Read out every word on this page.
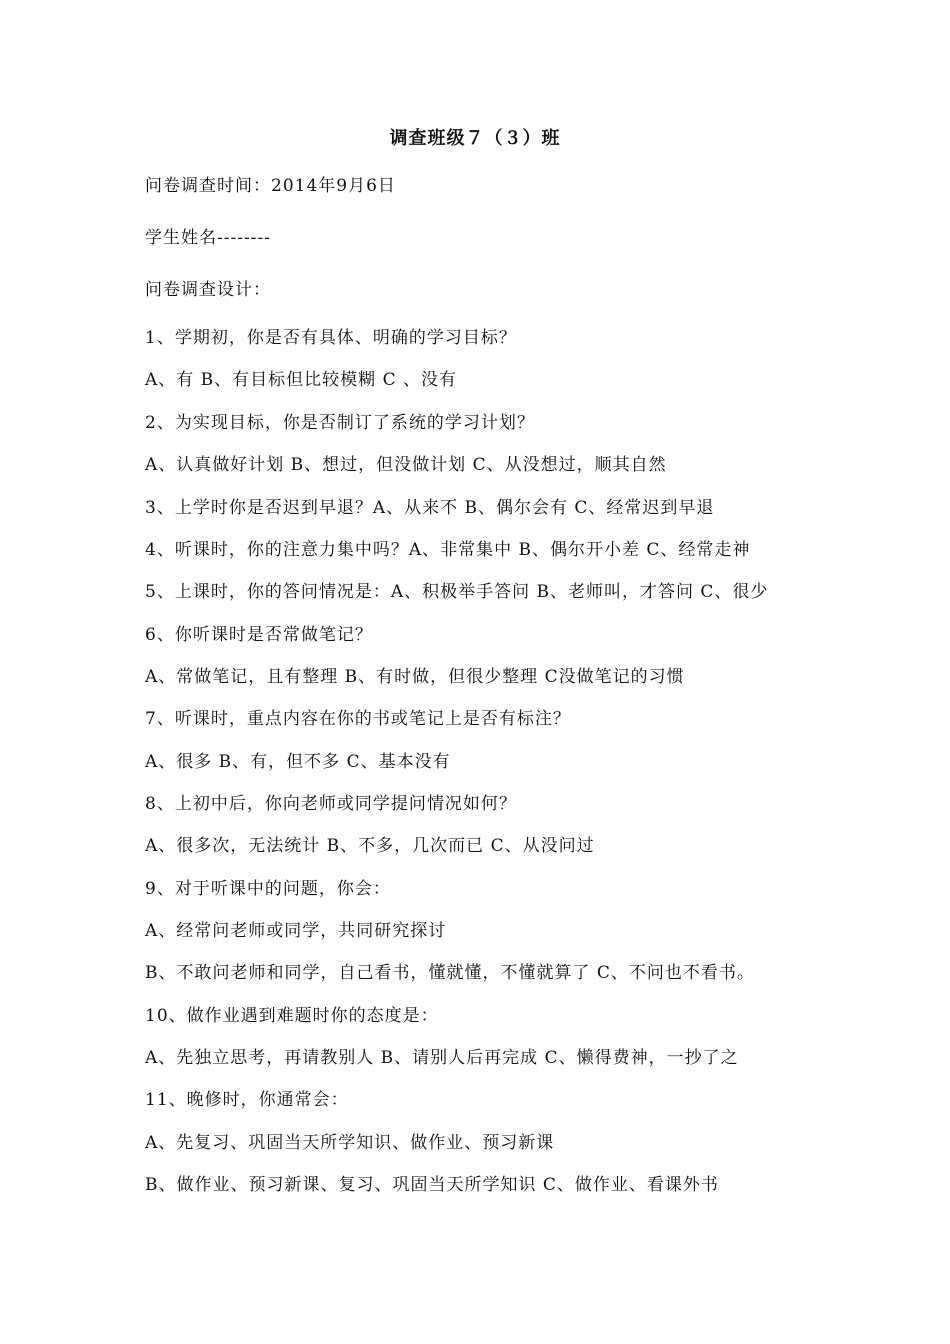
调查班级７（３）班
问卷调查时间：2014年9月6日
学生姓名--------
问卷调查设计：
1、学期初，你是否有具体、明确的学习目标？
A、有 B、有目标但比较模糊 C 、没有
2、为实现目标，你是否制订了系统的学习计划？
A、认真做好计划 B、想过，但没做计划 C、从没想过，顺其自然
3、上学时你是否迟到早退？A、从来不 B、偶尔会有 C、经常迟到早退
4、听课时，你的注意力集中吗？A、非常集中 B、偶尔开小差 C、经常走神
5、上课时，你的答问情况是：A、积极举手答问 B、老师叫，才答问 C、很少
6、你听课时是否常做笔记？
A、常做笔记，且有整理 B、有时做，但很少整理 C没做笔记的习惯
7、听课时，重点内容在你的书或笔记上是否有标注？
A、很多 B、有，但不多 C、基本没有
8、上初中后，你向老师或同学提问情况如何？
A、很多次，无法统计 B、不多，几次而已 C、从没问过
9、对于听课中的问题，你会：
A、经常问老师或同学，共同研究探讨
B、不敢问老师和同学，自己看书，懂就懂，不懂就算了 C、不问也不看书。
10、做作业遇到难题时你的态度是：
A、先独立思考，再请教别人 B、请别人后再完成 C、懒得费神，一抄了之
11、晚修时，你通常会：
A、先复习、巩固当天所学知识、做作业、预习新课
B、做作业、预习新课、复习、巩固当天所学知识 C、做作业、看课外书
